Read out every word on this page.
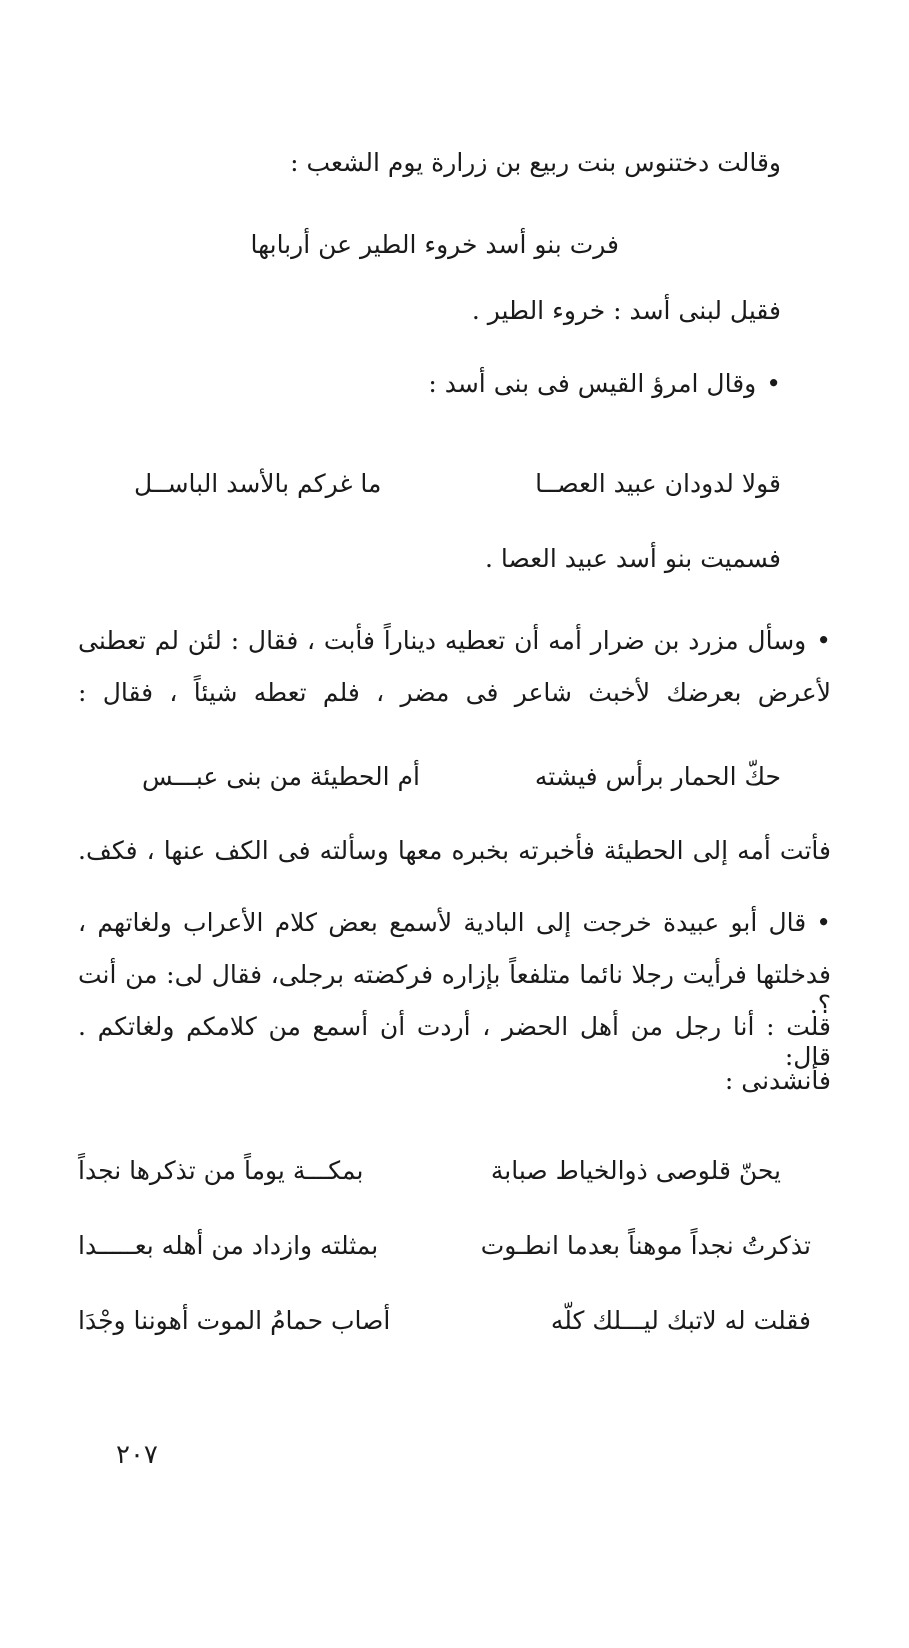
وقالت دختنوس بنت ربيع بن زرارة يوم الشعب :
فرت بنو أسد خروء الطير عن أربابها
فقيل لبنى أسد : خروء الطير .
•وقال امرؤ القيس فى بنى أسد :
قولا لدودان عبيد العصــا
ما غركم بالأسد الباســل
فسميت بنو أسد عبيد العصا .
•وسأل مزرد بن ضرار أمه أن تعطيه ديناراً فأبت ، فقال : لئن لم تعطنى
لأعرض بعرضك لأخبث شاعر فى مضر ، فلم تعطه شيئاً ، فقال :
حكّ الحمار برأس فيشته
أم الحطيئة من بنى عبـــس
فأتت أمه إلى الحطيئة فأخبرته بخبره معها وسألته فى الكف عنها ، فكف.
•قال أبو عبيدة خرجت إلى البادية لأسمع بعض كلام الأعراب ولغاتهم ،
فدخلتها فرأيت رجلا نائما متلفعاً بإزاره فركضته برجلى، فقال لى: من أنت ؟.
قلت : أنا رجل من أهل الحضر ، أردت أن أسمع من كلامكم ولغاتكم . قال:
فأنشدنى :
يحنّ قلوصى ذوالخياط صبابة
بمكـــة يوماً من تذكرها نجداً
تذكرتُ نجداً موهناً بعدما انطـوت
بمثلته وازداد من أهله بعـــــدا
فقلت له لاتبك ليـــلك كلّه
أصاب حمامُ الموت أهوننا وجْدَا
٢٠٧
